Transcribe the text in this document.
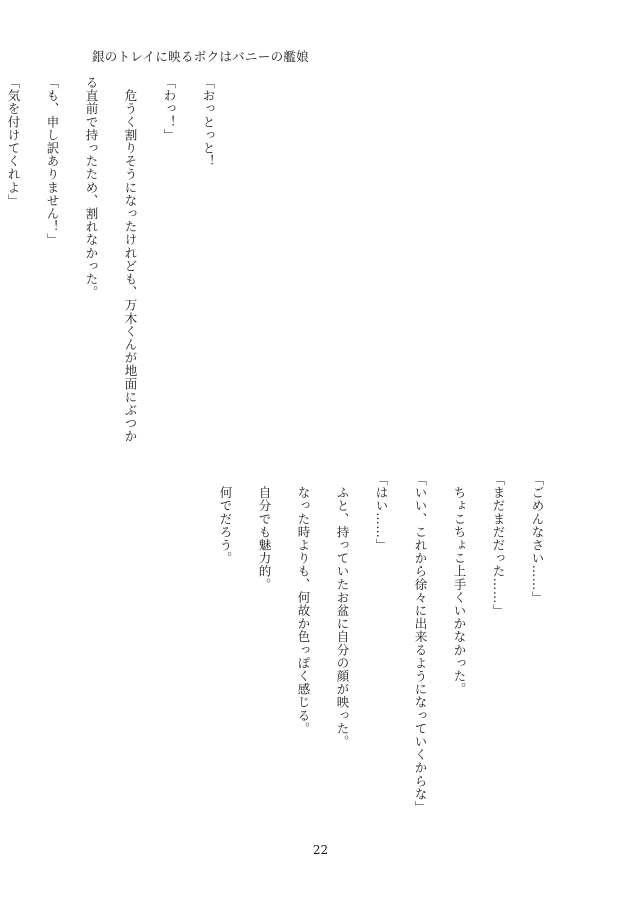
銀のトレイに映るボクはバニーの艦娘

「おっとっと！

「わっ！」

　危うく割りそうになったけれども、万木くんが地面にぶつか

る直前で持ったため、割れなかった。

「も、申し訳ありません！」

「気を付けてくれよ」

「ごめんなさい……」

「まだまだだった……」

　ちょこちょこ上手くいかなかった。

「いい、これから徐々に出来るようになっていくからな」

「はい……」

　ふと、持っていたお盆に自分の顔が映った。

　なった時よりも、何故か色っぽく感じる。

　自分でも魅力的。

　何でだろう。

22
